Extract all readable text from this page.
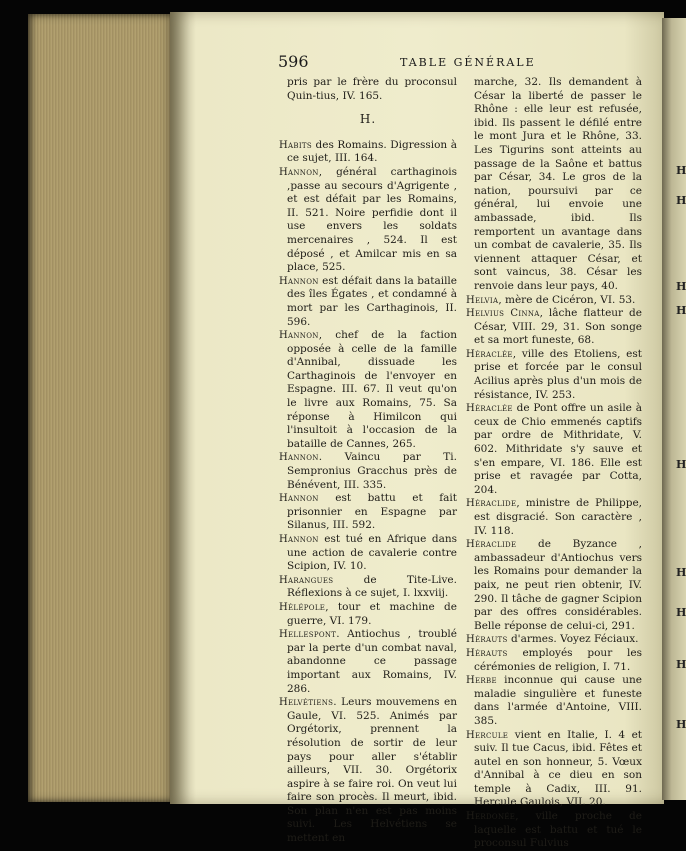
H
H
H
H
H
H
H
H
H
596	TABLE GÉNÉRALE

pris par le frère du proconsul Quin-tius, IV. 165.

H.

Habits des Romains. Digression à ce sujet, III. 164.

Hannon, général carthaginois ,passe au secours d'Agrigente , et est défait par les Romains, II. 521. Noire perfidie dont il use envers les soldats mercenaires , 524. Il est déposé , et Amilcar mis en sa place, 525.

Hannon est défait dans la bataille des îles Égates , et condamné à mort par les Carthaginois, II. 596.

Hannon, chef de la faction opposée à celle de la famille d'Annibal, dissuade les Carthaginois de l'envoyer en Espagne. III. 67. Il veut qu'on le livre aux Romains, 75. Sa réponse à Himilcon qui l'insultoit à l'occasion de la bataille de Cannes, 265.

Hannon. Vaincu par Ti. Sempronius Gracchus près de Bénévent, III. 335.

Hannon est battu et fait prisonnier en Espagne par Silanus, III. 592.

Hannon est tué en Afrique dans une action de cavalerie contre Scipion, IV. 10.

Harangues de Tite-Live. Réflexions à ce sujet, I. lxxviij.

Hélépole, tour et machine de guerre, VI. 179.

Hellespont. Antiochus , troublé par la perte d'un combat naval, abandonne ce passage important aux Romains, IV. 286.

Helvétiens. Leurs mouvemens en Gaule, VI. 525. Animés par Orgétorix, prennent la résolution de sortir de leur pays pour aller s'établir ailleurs, VII. 30. Orgétorix aspire à se faire roi. On veut lui faire son procès. Il meurt, ibid. Son plan n'en est pas moins suivi. Les Helvétiens se mettent en

marche, 32. Ils demandent à César la liberté de passer le Rhône : elle leur est refusée, ibid. Ils passent le défilé entre le mont Jura et le Rhône, 33. Les Tigurins sont atteints au passage de la Saône et battus par César, 34. Le gros de la nation, poursuivi par ce général, lui envoie une ambassade, ibid. Ils remportent un avantage dans un combat de cavalerie, 35. Ils viennent attaquer César, et sont vaincus, 38. César les renvoie dans leur pays, 40.

Helvia, mère de Cicéron, VI. 53.

Helvius Cinna, lâche flatteur de César, VIII. 29, 31. Son songe et sa mort funeste, 68.

Héraclée, ville des Etoliens, est prise et forcée par le consul Acilius après plus d'un mois de résistance, IV. 253.

Héraclée de Pont offre un asile à ceux de Chio emmenés captifs par ordre de Mithridate, V. 602. Mithridate s'y sauve et s'en empare, VI. 186. Elle est prise et ravagée par Cotta, 204.

Héraclide, ministre de Philippe, est disgracié. Son caractère , IV. 118.

Héraclide de Byzance , ambassadeur d'Antiochus vers les Romains pour demander la paix, ne peut rien obtenir, IV. 290. Il tâche de gagner Scipion par des offres considérables. Belle réponse de celui-ci, 291.

Hérauts d'armes. Voyez Féciaux.

Hérauts employés pour les cérémonies de religion, I. 71.

Herbe inconnue qui cause une maladie singulière et funeste dans l'armée d'Antoine, VIII. 385.

Hercule vient en Italie, I. 4 et suiv. Il tue Cacus, ibid. Fêtes et autel en son honneur, 5. Vœux d'Annibal à ce dieu en son temple à Cadix, III. 91. Hercule Gaulois, VII. 20.

Herdonée, ville proche de laquelle est battu et tué le proconsul Fulvius
